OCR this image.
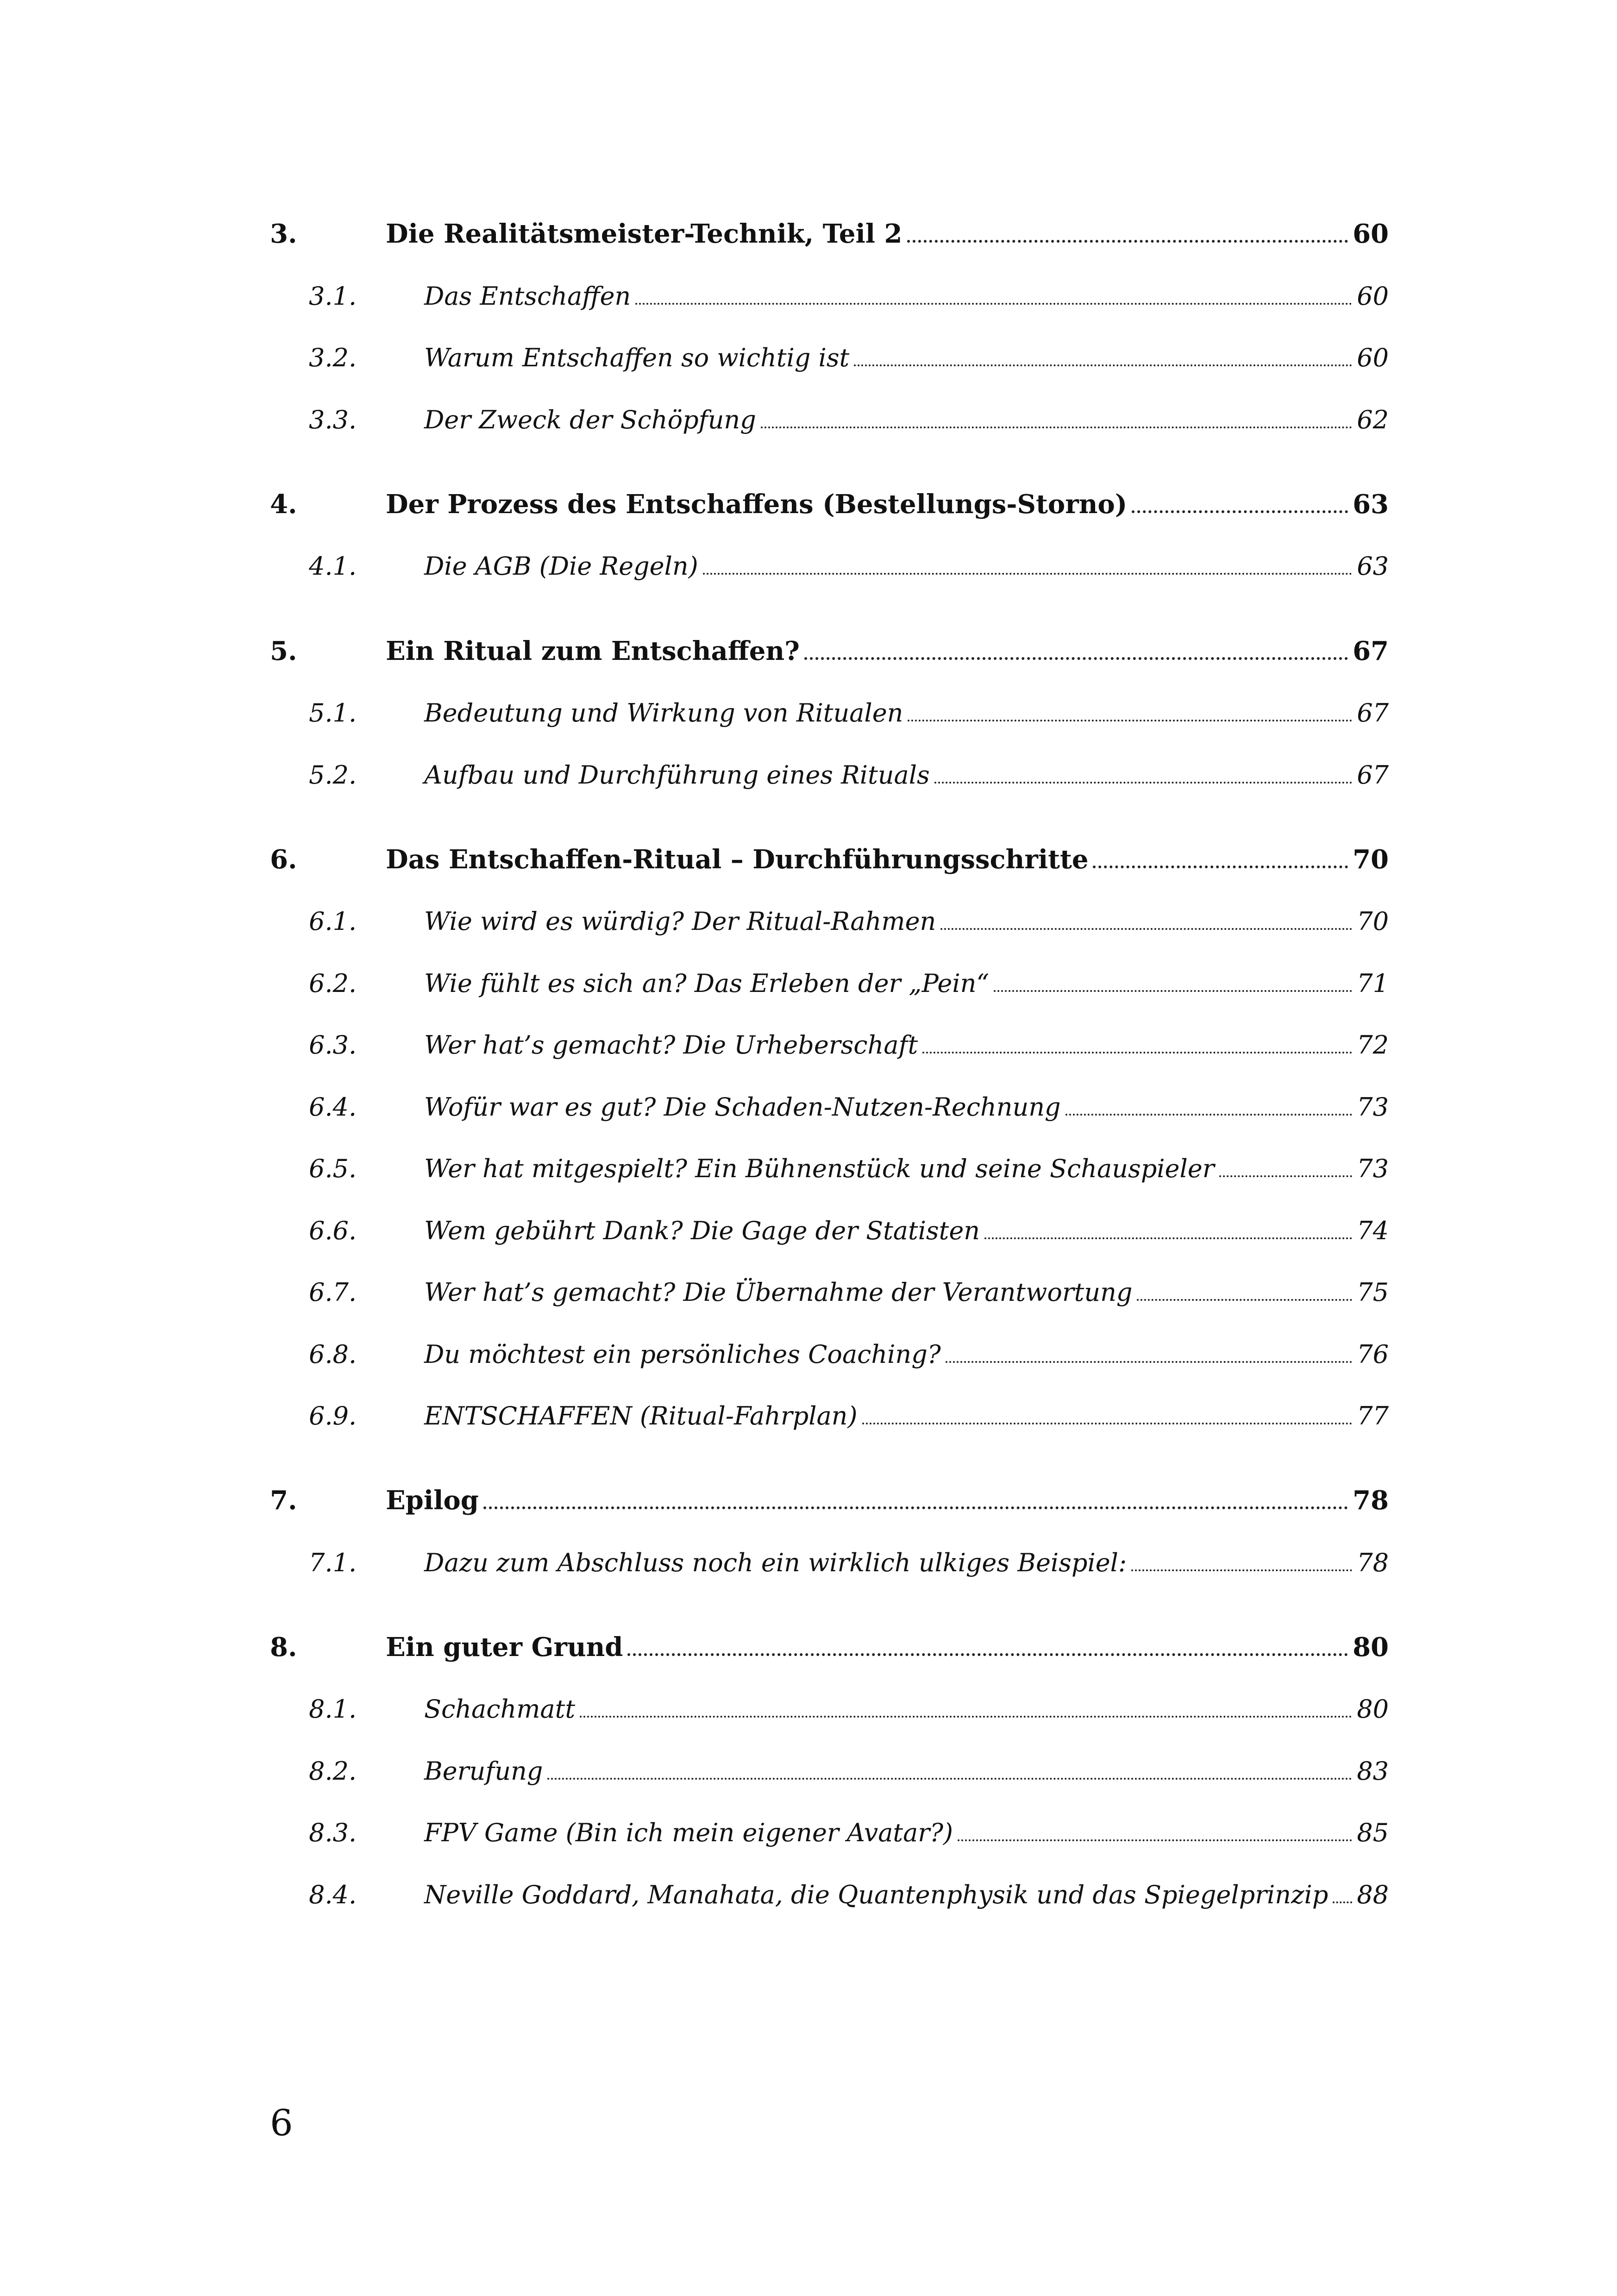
3.	Die Realitätsmeister-Technik, Teil 2	60
3.1.	Das Entschaffen	60
3.2.	Warum Entschaffen so wichtig ist	60
3.3.	Der Zweck der Schöpfung	62
4.	Der Prozess des Entschaffens (Bestellungs-Storno)	63
4.1.	Die AGB (Die Regeln)	63
5.	Ein Ritual zum Entschaffen?	67
5.1.	Bedeutung und Wirkung von Ritualen	67
5.2.	Aufbau und Durchführung eines Rituals	67
6.	Das Entschaffen-Ritual – Durchführungsschritte	70
6.1.	Wie wird es würdig? Der Ritual-Rahmen	70
6.2.	Wie fühlt es sich an? Das Erleben der „Pein“	71
6.3.	Wer hat’s gemacht? Die Urheberschaft	72
6.4.	Wofür war es gut? Die Schaden-Nutzen-Rechnung	73
6.5.	Wer hat mitgespielt? Ein Bühnenstück und seine Schauspieler	73
6.6.	Wem gebührt Dank? Die Gage der Statisten	74
6.7.	Wer hat’s gemacht? Die Übernahme der Verantwortung	75
6.8.	Du möchtest ein persönliches Coaching?	76
6.9.	ENTSCHAFFEN (Ritual-Fahrplan)	77
7.	Epilog	78
7.1.	Dazu zum Abschluss noch ein wirklich ulkiges Beispiel:	78
8.	Ein guter Grund	80
8.1.	Schachmatt	80
8.2.	Berufung	83
8.3.	FPV Game (Bin ich mein eigener Avatar?)	85
8.4.	Neville Goddard, Manahata, die Quantenphysik und das Spiegelprinzip 88
6
